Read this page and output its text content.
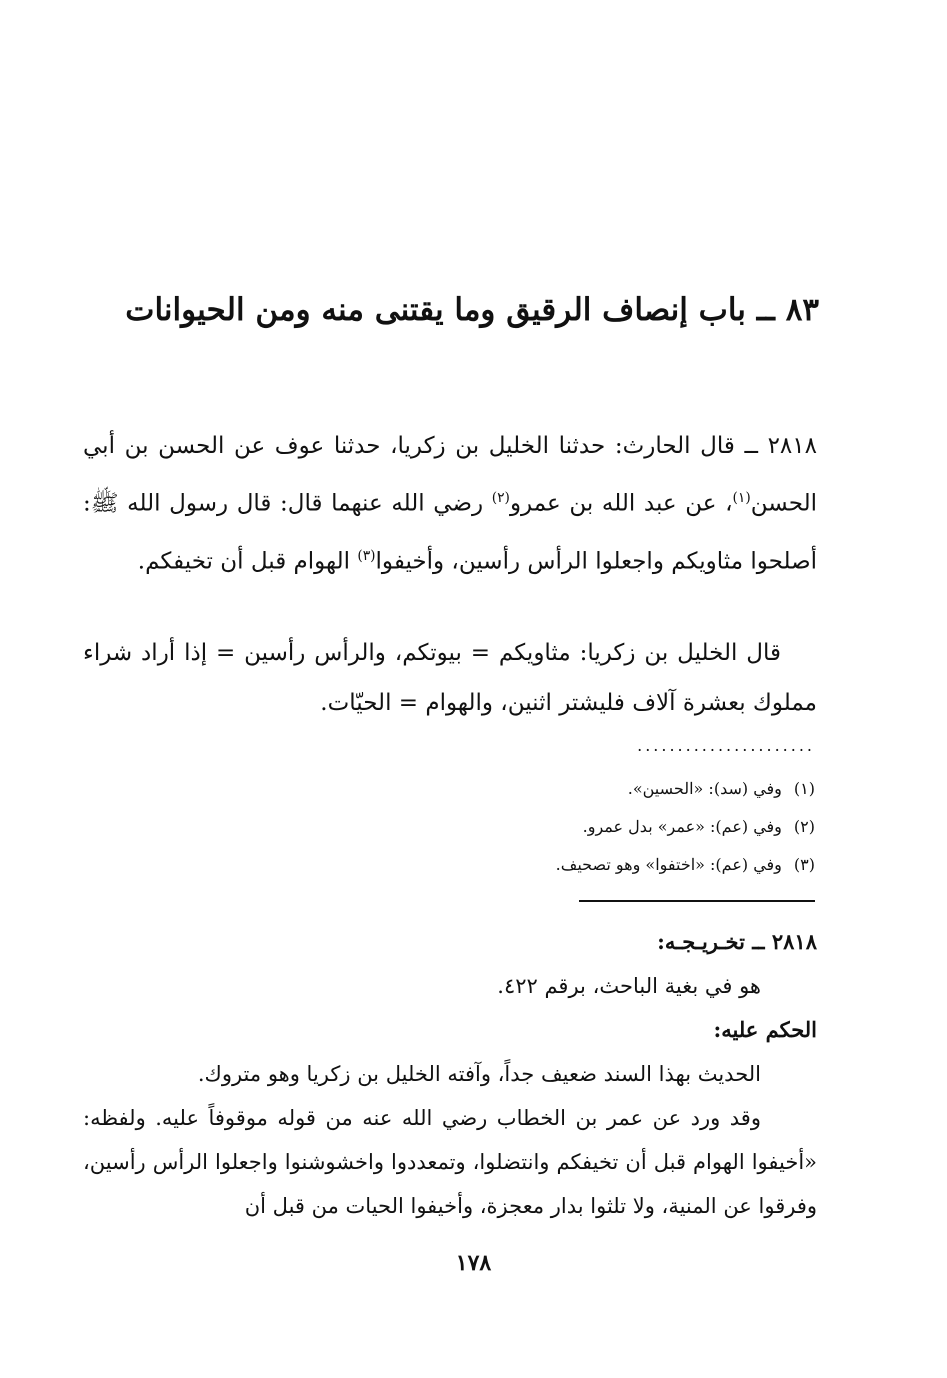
٨٣ ــ باب إنصاف الرقيق وما يقتنى منه ومن الحيوانات

٢٨١٨ ــ قال الحارث: حدثنا الخليل بن زكريا، حدثنا عوف عن الحسن بن أبي الحسن$^{(١)}$، عن عبد الله بن عمرو$^{(٢)}$ رضي الله عنهما قال: قال رسول الله ﷺ: أصلحوا مثاويكم واجعلوا الرأس رأسين، وأخيفوا$^{(٣)}$ الهوام قبل أن تخيفكم.

قال الخليل بن زكريا: مثاويكم = بيوتكم، والرأس رأسين = إذا أراد شراء مملوك بعشرة آلاف فليشتر اثنين، والهوام = الحيّات.

......................
(١)وفي (سد): «الحسين».
(٢)وفي (عم): «عمر» بدل عمرو.
(٣)وفي (عم): «اختفوا» وهو تصحيف.
٢٨١٨ ــ تخـريـجـه:
هو في بغية الباحث، برقم ٤٢٢.
الحكم عليه:
الحديث بهذا السند ضعيف جداً، وآفته الخليل بن زكريا وهو متروك.

وقد ورد عن عمر بن الخطاب رضي الله عنه من قوله موقوفاً عليه. ولفظه: «أخيفوا الهوام قبل أن تخيفكم وانتضلوا، وتمعددوا واخشوشنوا واجعلوا الرأس رأسين، وفرقوا عن المنية، ولا تلثوا بدار معجزة، وأخيفوا الحيات من قبل أن

١٧٨
